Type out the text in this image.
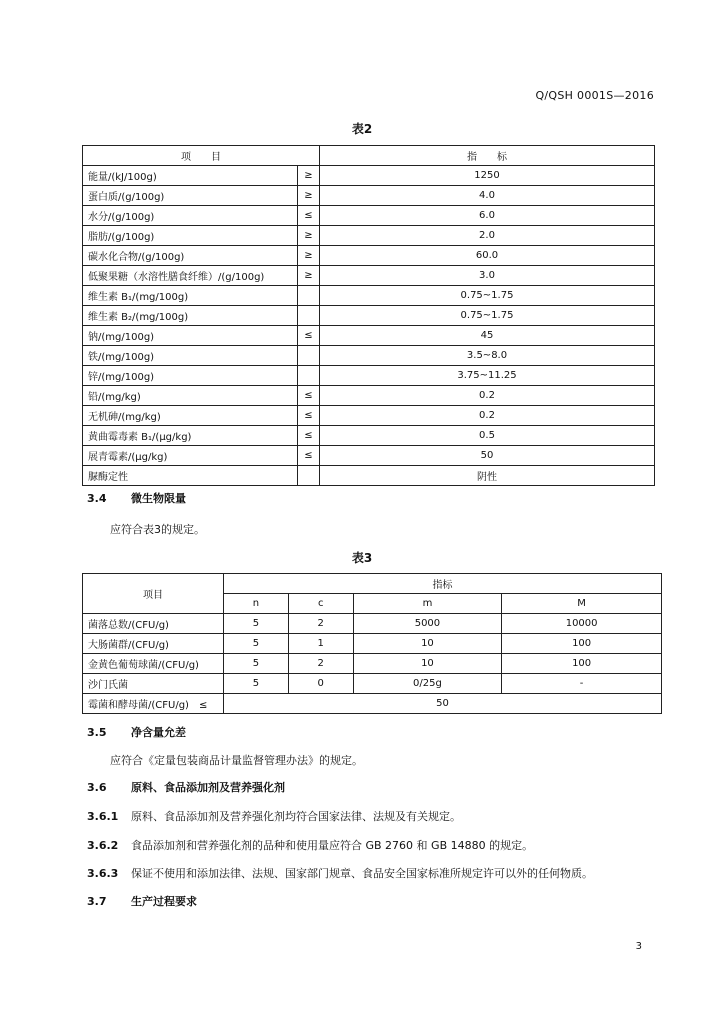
Q/QSH 0001S—2016
表2
项　　目		指　　标
能量/(kJ/100g)	≥	1250
蛋白质/(g/100g)	≥	4.0
水分/(g/100g)	≤	6.0
脂肪/(g/100g)	≥	2.0
碳水化合物/(g/100g)	≥	60.0
低聚果糖（水溶性膳食纤维）/(g/100g)	≥	3.0
维生素 B₁/(mg/100g)		0.75~1.75
维生素 B₂/(mg/100g)		0.75~1.75
钠/(mg/100g)	≤	45
铁/(mg/100g)		3.5~8.0
锌/(mg/100g)		3.75~11.25
铅/(mg/kg)	≤	0.2
无机砷/(mg/kg)	≤	0.2
黄曲霉毒素 B₁/(μg/kg)	≤	0.5
展青霉素/(μg/kg)	≤	50
脲酶定性		阴性
3.4 微生物限量
应符合表3的规定。
表3
项目	指标			
	n	c	m	M
菌落总数/(CFU/g)	5	2	5000	10000
大肠菌群/(CFU/g)	5	1	10	100
金黄色葡萄球菌/(CFU/g)	5	2	10	100
沙门氏菌	5	0	0/25g	-
霉菌和酵母菌/(CFU/g)　≤	50			
3.5 净含量允差
应符合《定量包装商品计量监督管理办法》的规定。
3.6 原料、食品添加剂及营养强化剂
3.6.1 原料、食品添加剂及营养强化剂均符合国家法律、法规及有关规定。
3.6.2 食品添加剂和营养强化剂的品种和使用量应符合 GB 2760 和 GB 14880 的规定。
3.6.3 保证不使用和添加法律、法规、国家部门规章、食品安全国家标准所规定许可以外的任何物质。
3.7 生产过程要求
3
